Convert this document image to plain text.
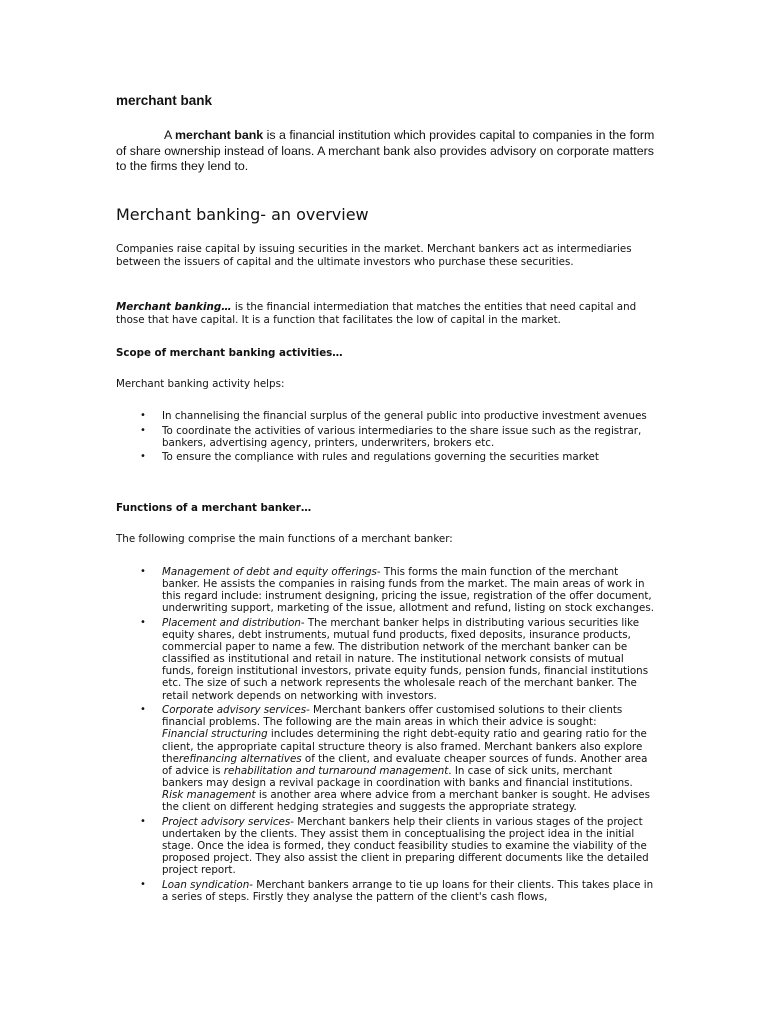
merchant bank

A merchant bank is a financial institution which provides capital to companies in the form of share ownership instead of loans. A merchant bank also provides advisory on corporate matters to the firms they lend to.

Merchant banking- an overview

Companies raise capital by issuing securities in the market. Merchant bankers act as intermediaries between the issuers of capital and the ultimate investors who purchase these securities.

Merchant banking… is the financial intermediation that matches the entities that need capital and those that have capital. It is a function that facilitates the low of capital in the market.

Scope of merchant banking activities…

Merchant banking activity helps:

• In channelising the financial surplus of the general public into productive investment avenues
• To coordinate the activities of various intermediaries to the share issue such as the registrar, bankers, advertising agency, printers, underwriters, brokers etc.
• To ensure the compliance with rules and regulations governing the securities market

Functions of a merchant banker…

The following comprise the main functions of a merchant banker:

• Management of debt and equity offerings- This forms the main function of the merchant banker. He assists the companies in raising funds from the market. The main areas of work in this regard include: instrument designing, pricing the issue, registration of the offer document, underwriting support, marketing of the issue, allotment and refund, listing on stock exchanges.
• Placement and distribution- The merchant banker helps in distributing various securities like equity shares, debt instruments, mutual fund products, fixed deposits, insurance products, commercial paper to name a few. The distribution network of the merchant banker can be classified as institutional and retail in nature. The institutional network consists of mutual funds, foreign institutional investors, private equity funds, pension funds, financial institutions etc. The size of such a network represents the wholesale reach of the merchant banker. The retail network depends on networking with investors.
• Corporate advisory services- Merchant bankers offer customised solutions to their clients financial problems. The following are the main areas in which their advice is sought:
Financial structuring includes determining the right debt-equity ratio and gearing ratio for the client, the appropriate capital structure theory is also framed. Merchant bankers also explore therefinancing alternatives of the client, and evaluate cheaper sources of funds. Another area of advice is rehabilitation and turnaround management. In case of sick units, merchant bankers may design a revival package in coordination with banks and financial institutions. Risk management is another area where advice from a merchant banker is sought. He advises the client on different hedging strategies and suggests the appropriate strategy.
• Project advisory services- Merchant bankers help their clients in various stages of the project undertaken by the clients. They assist them in conceptualising the project idea in the initial stage. Once the idea is formed, they conduct feasibility studies to examine the viability of the proposed project. They also assist the client in preparing different documents like the detailed project report.
• Loan syndication- Merchant bankers arrange to tie up loans for their clients. This takes place in a series of steps. Firstly they analyse the pattern of the client's cash flows,
